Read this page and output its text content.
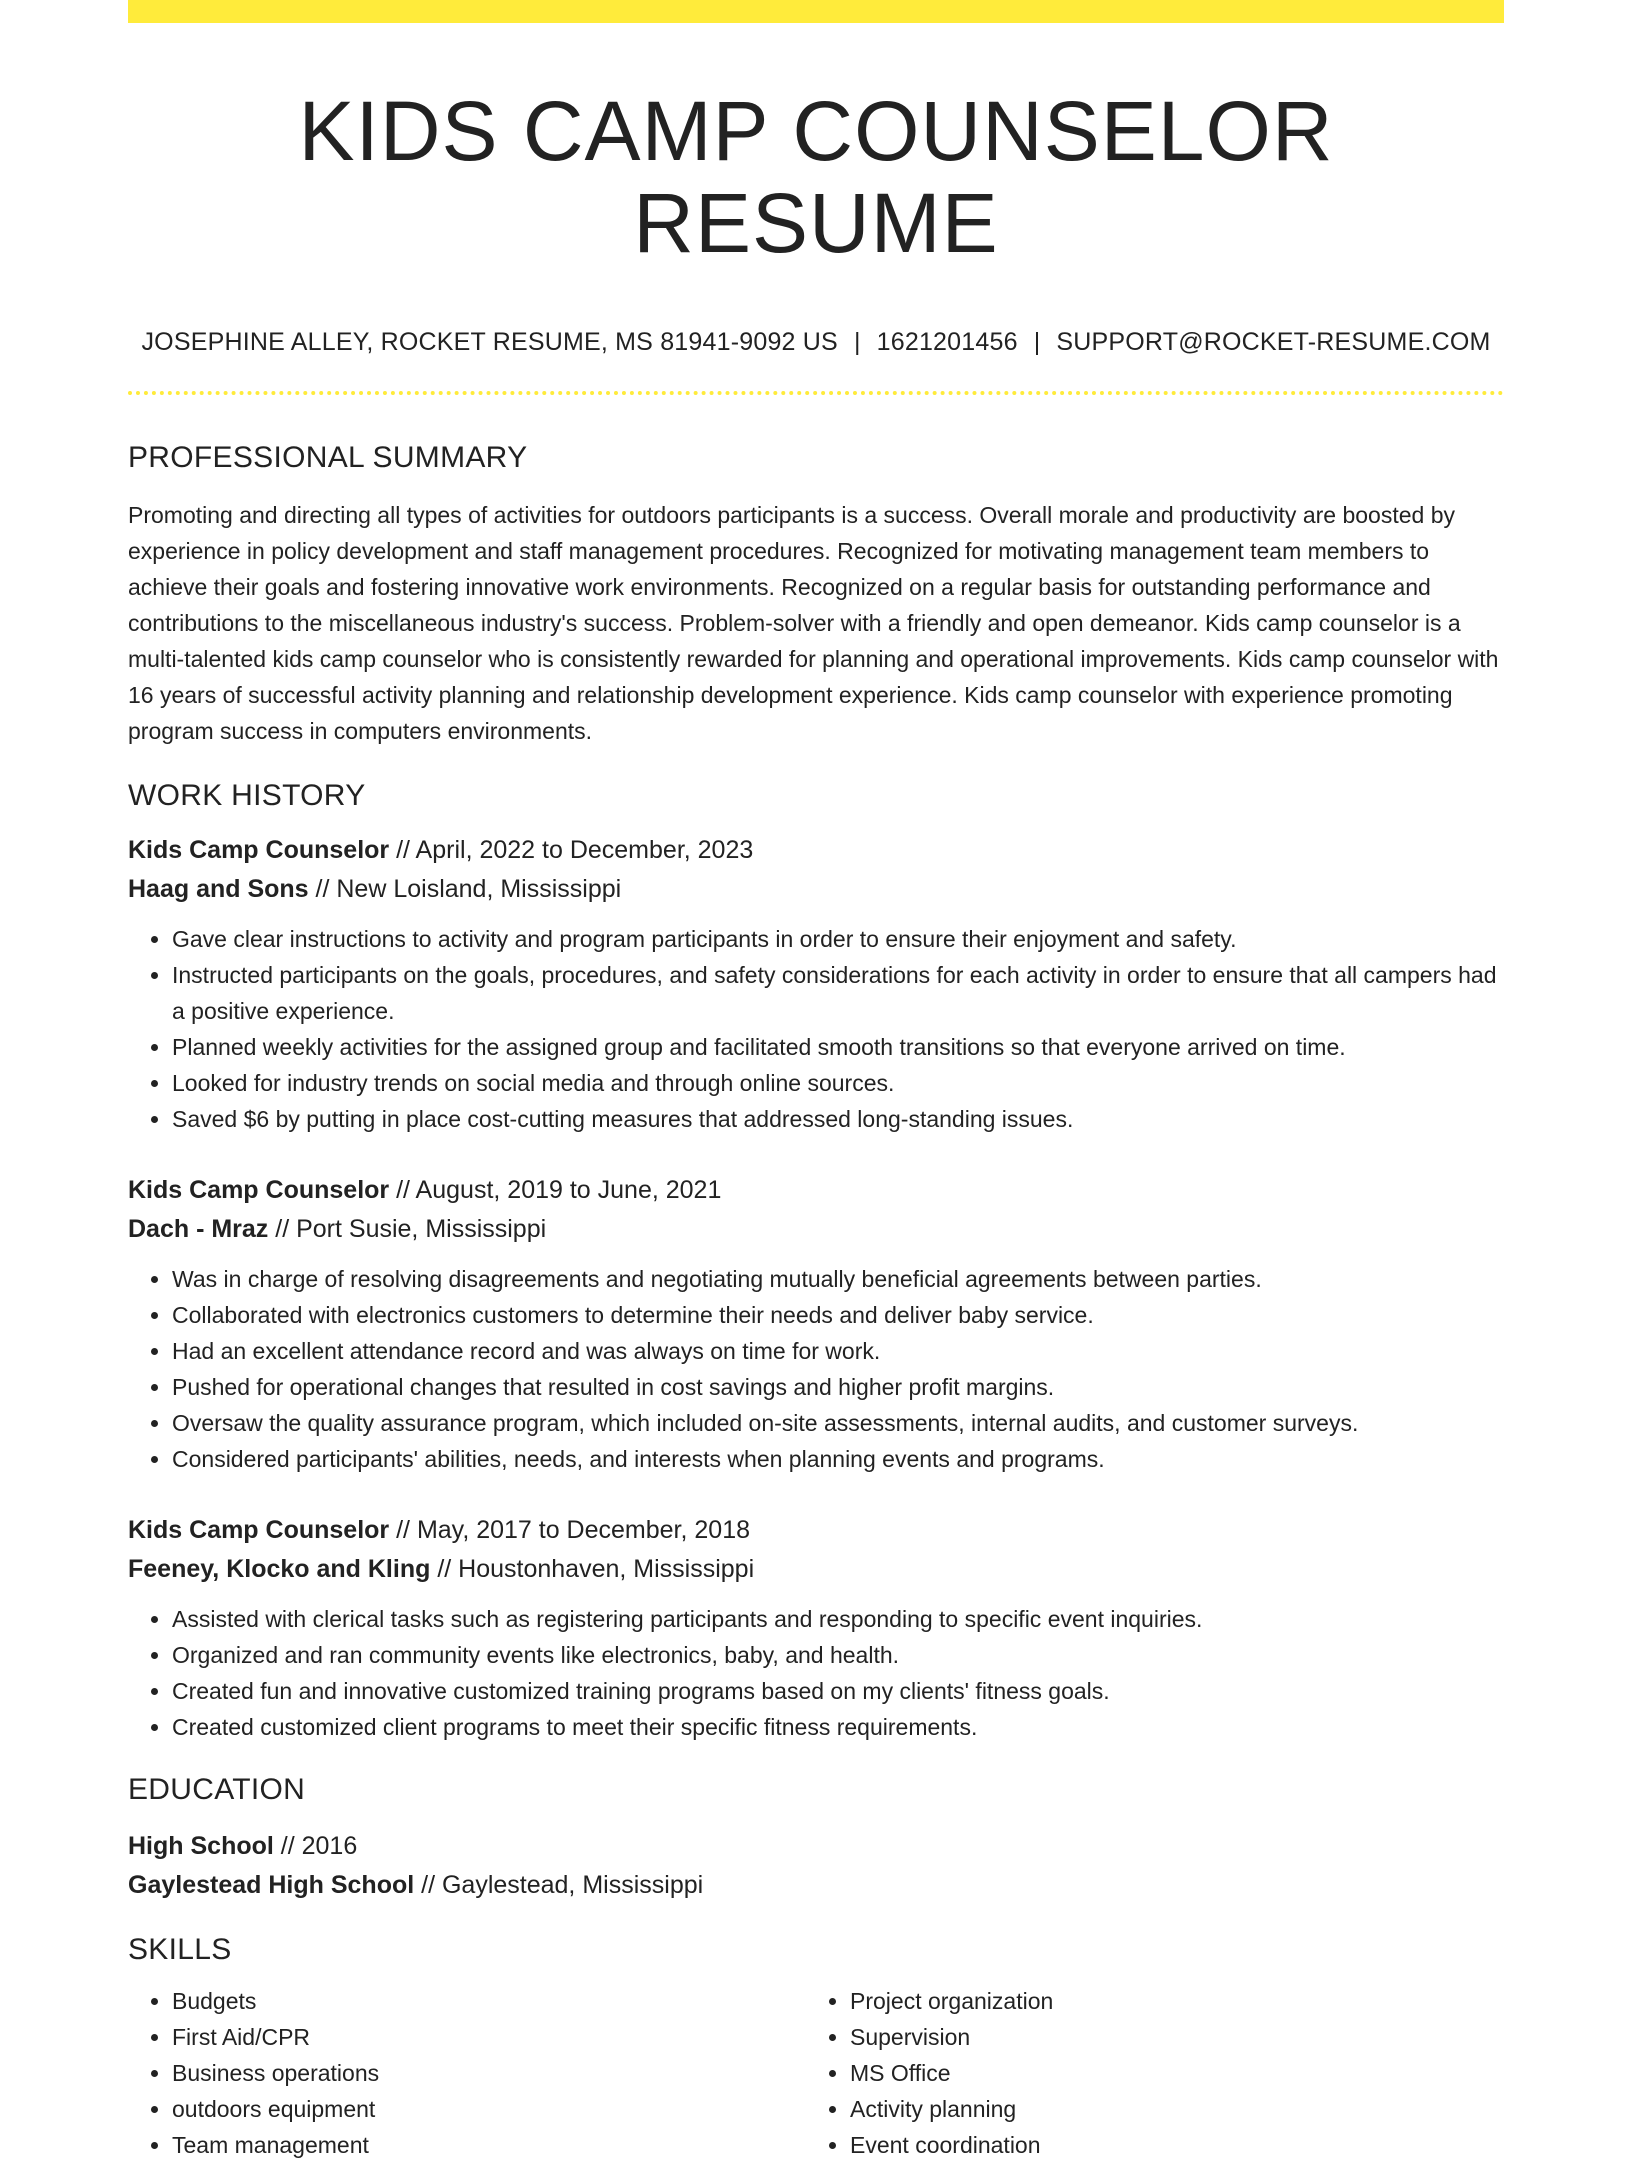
KIDS CAMP COUNSELOR RESUME
JOSEPHINE ALLEY, ROCKET RESUME, MS 81941-9092 US | 1621201456 | SUPPORT@ROCKET-RESUME.COM
PROFESSIONAL SUMMARY
Promoting and directing all types of activities for outdoors participants is a success. Overall morale and productivity are boosted by experience in policy development and staff management procedures. Recognized for motivating management team members to achieve their goals and fostering innovative work environments. Recognized on a regular basis for outstanding performance and contributions to the miscellaneous industry's success. Problem-solver with a friendly and open demeanor. Kids camp counselor is a multi-talented kids camp counselor who is consistently rewarded for planning and operational improvements. Kids camp counselor with 16 years of successful activity planning and relationship development experience. Kids camp counselor with experience promoting program success in computers environments.
WORK HISTORY
Kids Camp Counselor // April, 2022 to December, 2023
Haag and Sons // New Loisland, Mississippi
• Gave clear instructions to activity and program participants in order to ensure their enjoyment and safety.
• Instructed participants on the goals, procedures, and safety considerations for each activity in order to ensure that all campers had a positive experience.
• Planned weekly activities for the assigned group and facilitated smooth transitions so that everyone arrived on time.
• Looked for industry trends on social media and through online sources.
• Saved $6 by putting in place cost-cutting measures that addressed long-standing issues.
Kids Camp Counselor // August, 2019 to June, 2021
Dach - Mraz // Port Susie, Mississippi
• Was in charge of resolving disagreements and negotiating mutually beneficial agreements between parties.
• Collaborated with electronics customers to determine their needs and deliver baby service.
• Had an excellent attendance record and was always on time for work.
• Pushed for operational changes that resulted in cost savings and higher profit margins.
• Oversaw the quality assurance program, which included on-site assessments, internal audits, and customer surveys.
• Considered participants' abilities, needs, and interests when planning events and programs.
Kids Camp Counselor // May, 2017 to December, 2018
Feeney, Klocko and Kling // Houstonhaven, Mississippi
• Assisted with clerical tasks such as registering participants and responding to specific event inquiries.
• Organized and ran community events like electronics, baby, and health.
• Created fun and innovative customized training programs based on my clients' fitness goals.
• Created customized client programs to meet their specific fitness requirements.
EDUCATION
High School // 2016
Gaylestead High School // Gaylestead, Mississippi
SKILLS
• Budgets
• First Aid/CPR
• Business operations
• outdoors equipment
• Team management
• Project organization
• Supervision
• MS Office
• Activity planning
• Event coordination
